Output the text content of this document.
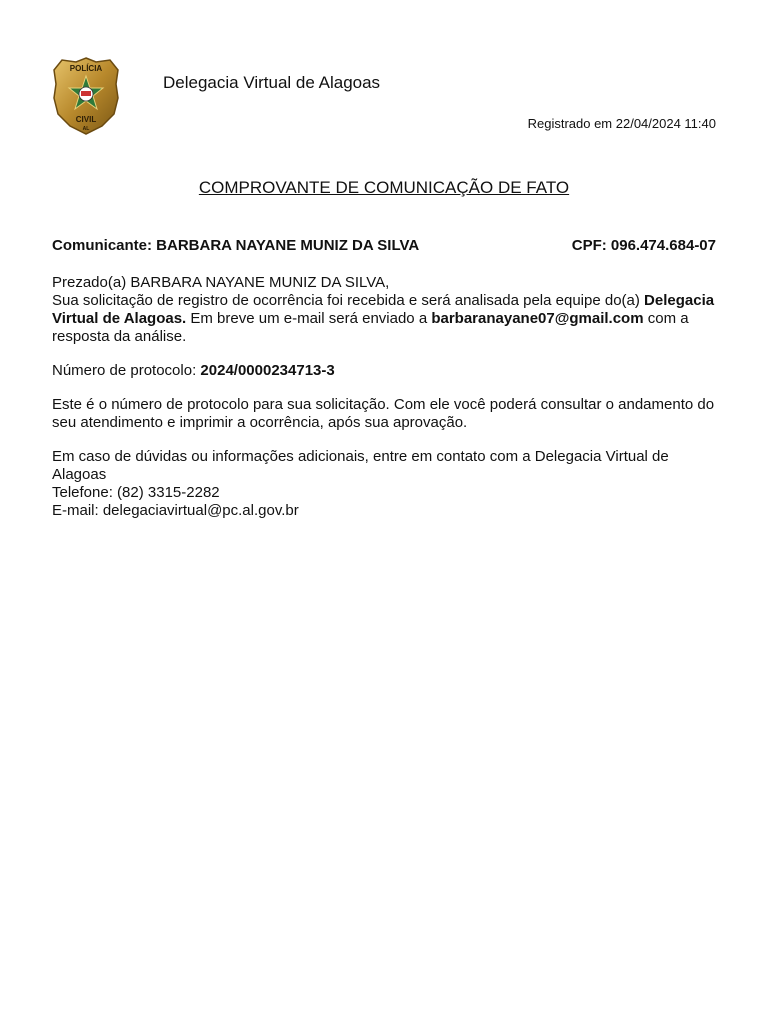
POLÍCIA
CIVIL
AL
Delegacia Virtual de Alagoas
Registrado em 22/04/2024 11:40
COMPROVANTE DE COMUNICAÇÃO DE FATO
Comunicante: BARBARA NAYANE MUNIZ DA SILVA	CPF: 096.474.684-07

Prezado(a) BARBARA NAYANE MUNIZ DA SILVA,
Sua solicitação de registro de ocorrência foi recebida e será analisada pela equipe do(a) Delegacia Virtual de Alagoas. Em breve um e-mail será enviado a barbaranayane07@gmail.com com a resposta da análise.

Número de protocolo: 2024/0000234713-3

Este é o número de protocolo para sua solicitação. Com ele você poderá consultar o andamento do seu atendimento e imprimir a ocorrência, após sua aprovação.

Em caso de dúvidas ou informações adicionais, entre em contato com a Delegacia Virtual de Alagoas
Telefone: (82) 3315-2282
E-mail: delegaciavirtual@pc.al.gov.br
